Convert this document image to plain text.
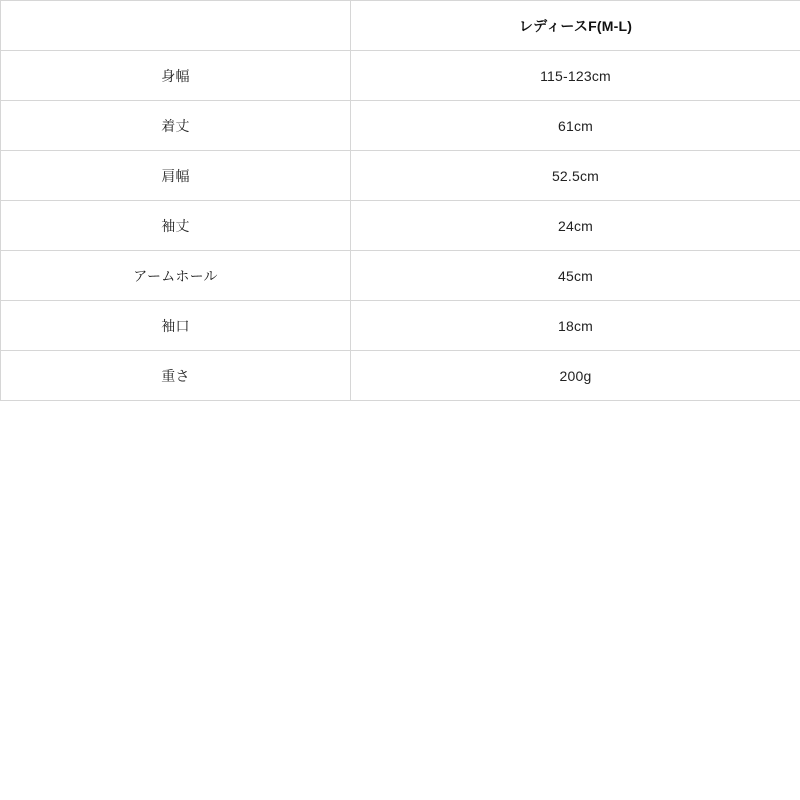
	レディースF(M-L)
身幅	115-123cm
着丈	61cm
肩幅	52.5cm
袖丈	24cm
アームホール	45cm
袖口	18cm
重さ	200g
